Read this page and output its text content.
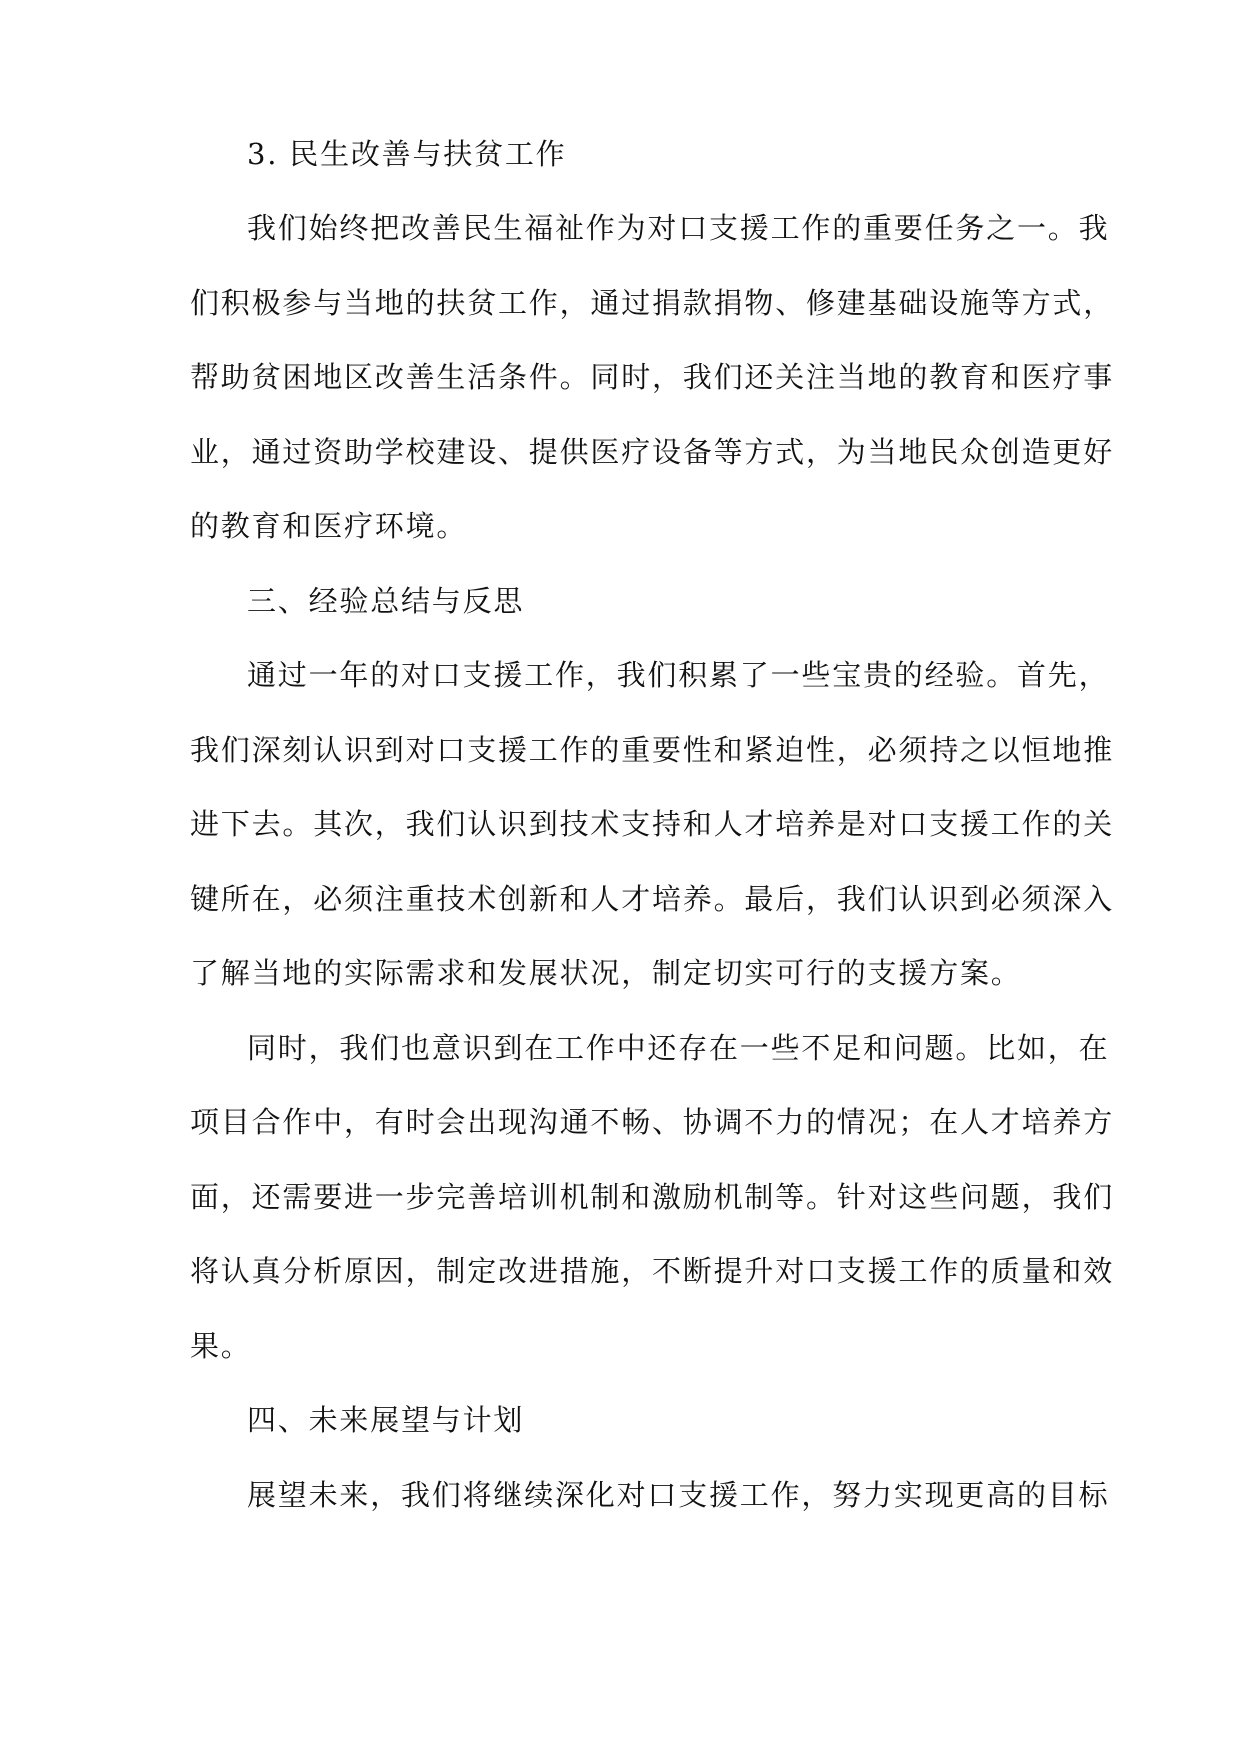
3. 民生改善与扶贫工作
我们始终把改善民生福祉作为对口支援工作的重要任务之一。我
们积极参与当地的扶贫工作，通过捐款捐物、修建基础设施等方式，
帮助贫困地区改善生活条件。同时，我们还关注当地的教育和医疗事
业，通过资助学校建设、提供医疗设备等方式，为当地民众创造更好
的教育和医疗环境。
三、经验总结与反思
通过一年的对口支援工作，我们积累了一些宝贵的经验。首先，
我们深刻认识到对口支援工作的重要性和紧迫性，必须持之以恒地推
进下去。其次，我们认识到技术支持和人才培养是对口支援工作的关
键所在，必须注重技术创新和人才培养。最后，我们认识到必须深入
了解当地的实际需求和发展状况，制定切实可行的支援方案。
同时，我们也意识到在工作中还存在一些不足和问题。比如，在
项目合作中，有时会出现沟通不畅、协调不力的情况；在人才培养方
面，还需要进一步完善培训机制和激励机制等。针对这些问题，我们
将认真分析原因，制定改进措施，不断提升对口支援工作的质量和效
果。
四、未来展望与计划
展望未来，我们将继续深化对口支援工作，努力实现更高的目标
